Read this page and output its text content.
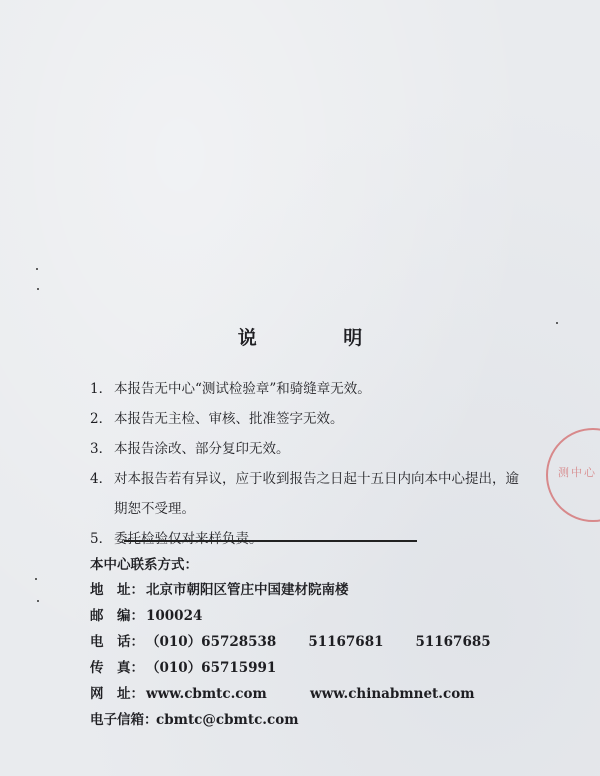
说 明
1． 本报告无中心“测试检验章”和骑缝章无效。
2． 本报告无主检、审核、批准签字无效。
3． 本报告涂改、部分复印无效。
4． 对本报告若有异议，应于收到报告之日起十五日内向本中心提出，逾
期恕不受理。
5． 委托检验仅对来样负责。
本中心联系方式：
地　址： 北京市朝阳区管庄中国建材院南楼
邮　编： 100024
电　话： （010）65728538 51167681 51167685
传　真： （010）65715991
网　址： www.cbmtc.com	www.chinabmnet.com
电子信箱：
cbmtc@cbmtc.com
测中心
